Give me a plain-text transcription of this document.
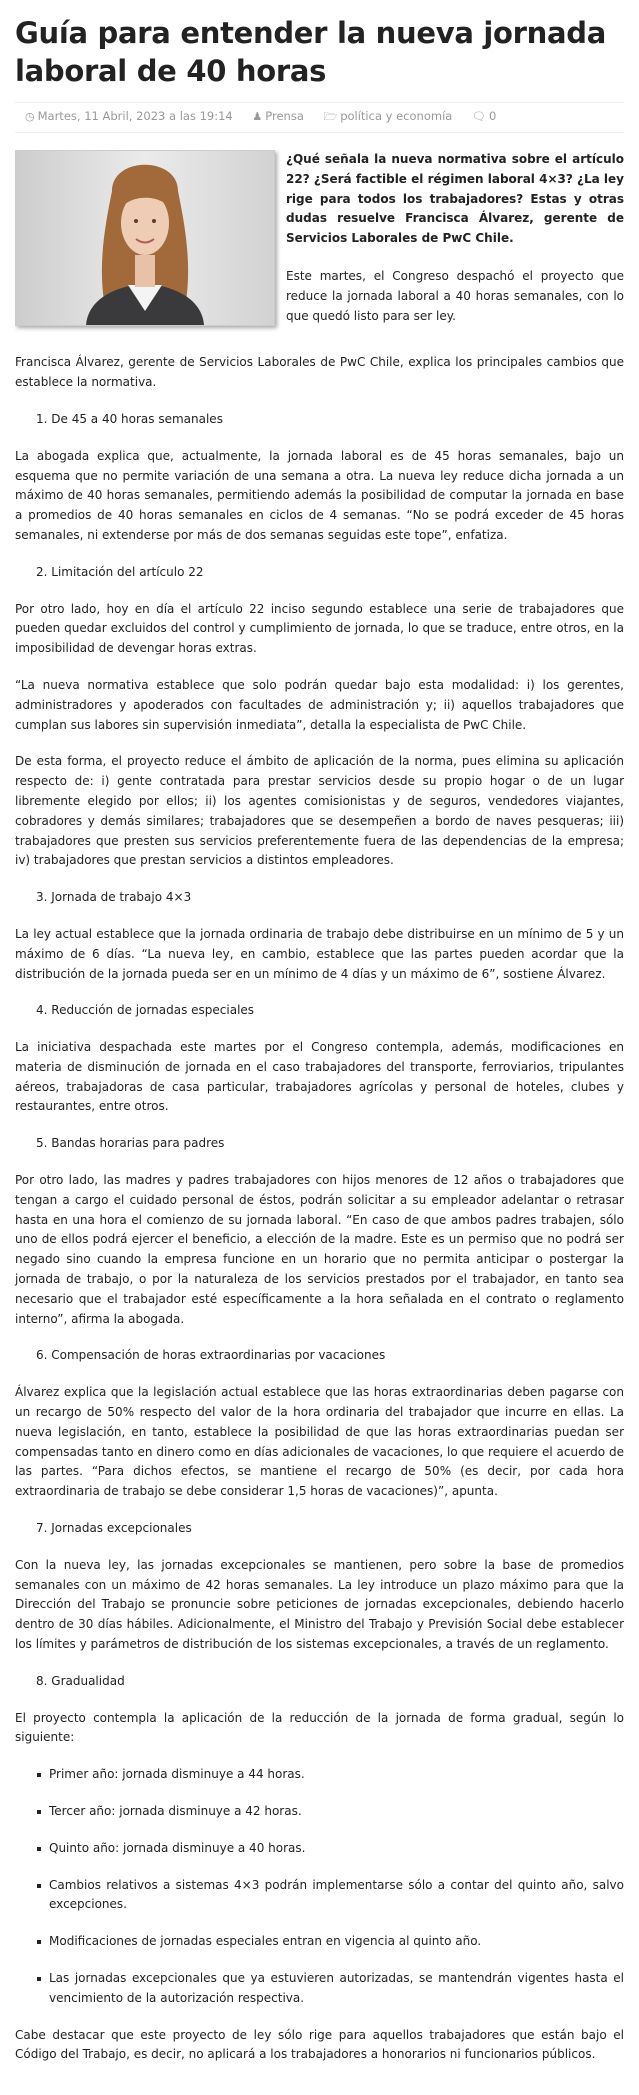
Guía para entender la nueva jornada laboral de 40 horas
◷ Martes, 11 Abril, 2023 a las 19:14 ♟ Prensa 🗁 política y economía 🗨 0

¿Qué señala la nueva normativa sobre el artículo 22? ¿Será factible el régimen laboral 4×3? ¿La ley rige para todos los trabajadores? Estas y otras dudas resuelve Francisca Álvarez, gerente de Servicios Laborales de PwC Chile.

Este martes, el Congreso despachó el proyecto que reduce la jornada laboral a 40 horas semanales, con lo que quedó listo para ser ley.

Francisca Álvarez, gerente de Servicios Laborales de PwC Chile, explica los principales cambios que establece la normativa.

1. De 45 a 40 horas semanales

La abogada explica que, actualmente, la jornada laboral es de 45 horas semanales, bajo un esquema que no permite variación de una semana a otra. La nueva ley reduce dicha jornada a un máximo de 40 horas semanales, permitiendo además la posibilidad de computar la jornada en base a promedios de 40 horas semanales en ciclos de 4 semanas. “No se podrá exceder de 45 horas semanales, ni extenderse por más de dos semanas seguidas este tope”, enfatiza.

2. Limitación del artículo 22

Por otro lado, hoy en día el artículo 22 inciso segundo establece una serie de trabajadores que pueden quedar excluidos del control y cumplimiento de jornada, lo que se traduce, entre otros, en la imposibilidad de devengar horas extras.

“La nueva normativa establece que solo podrán quedar bajo esta modalidad: i) los gerentes, administradores y apoderados con facultades de administración y; ii) aquellos trabajadores que cumplan sus labores sin supervisión inmediata”, detalla la especialista de PwC Chile.

De esta forma, el proyecto reduce el ámbito de aplicación de la norma, pues elimina su aplicación respecto de: i) gente contratada para prestar servicios desde su propio hogar o de un lugar libremente elegido por ellos; ii) los agentes comisionistas y de seguros, vendedores viajantes, cobradores y demás similares; trabajadores que se desempeñen a bordo de naves pesqueras; iii) trabajadores que presten sus servicios preferentemente fuera de las dependencias de la empresa; iv) trabajadores que prestan servicios a distintos empleadores.

3. Jornada de trabajo 4×3

La ley actual establece que la jornada ordinaria de trabajo debe distribuirse en un mínimo de 5 y un máximo de 6 días. “La nueva ley, en cambio, establece que las partes pueden acordar que la distribución de la jornada pueda ser en un mínimo de 4 días y un máximo de 6”, sostiene Álvarez.

4. Reducción de jornadas especiales

La iniciativa despachada este martes por el Congreso contempla, además, modificaciones en materia de disminución de jornada en el caso trabajadores del transporte, ferroviarios, tripulantes aéreos, trabajadoras de casa particular, trabajadores agrícolas y personal de hoteles, clubes y restaurantes, entre otros.

5. Bandas horarias para padres

Por otro lado, las madres y padres trabajadores con hijos menores de 12 años o trabajadores que tengan a cargo el cuidado personal de éstos, podrán solicitar a su empleador adelantar o retrasar hasta en una hora el comienzo de su jornada laboral. “En caso de que ambos padres trabajen, sólo uno de ellos podrá ejercer el beneficio, a elección de la madre. Este es un permiso que no podrá ser negado sino cuando la empresa funcione en un horario que no permita anticipar o postergar la jornada de trabajo, o por la naturaleza de los servicios prestados por el trabajador, en tanto sea necesario que el trabajador esté específicamente a la hora señalada en el contrato o reglamento interno”, afirma la abogada.

6. Compensación de horas extraordinarias por vacaciones

Álvarez explica que la legislación actual establece que las horas extraordinarias deben pagarse con un recargo de 50% respecto del valor de la hora ordinaria del trabajador que incurre en ellas. La nueva legislación, en tanto, establece la posibilidad de que las horas extraordinarias puedan ser compensadas tanto en dinero como en días adicionales de vacaciones, lo que requiere el acuerdo de las partes. “Para dichos efectos, se mantiene el recargo de 50% (es decir, por cada hora extraordinaria de trabajo se debe considerar 1,5 horas de vacaciones)”, apunta.

7. Jornadas excepcionales

Con la nueva ley, las jornadas excepcionales se mantienen, pero sobre la base de promedios semanales con un máximo de 42 horas semanales. La ley introduce un plazo máximo para que la Dirección del Trabajo se pronuncie sobre peticiones de jornadas excepcionales, debiendo hacerlo dentro de 30 días hábiles. Adicionalmente, el Ministro del Trabajo y Previsión Social debe establecer los límites y parámetros de distribución de los sistemas excepcionales, a través de un reglamento.

8. Gradualidad

El proyecto contempla la aplicación de la reducción de la jornada de forma gradual, según lo siguiente:

Primer año: jornada disminuye a 44 horas.
Tercer año: jornada disminuye a 42 horas.
Quinto año: jornada disminuye a 40 horas.
Cambios relativos a sistemas 4×3 podrán implementarse sólo a contar del quinto año, salvo excepciones.
Modificaciones de jornadas especiales entran en vigencia al quinto año.
Las jornadas excepcionales que ya estuvieren autorizadas, se mantendrán vigentes hasta el vencimiento de la autorización respectiva.

Cabe destacar que este proyecto de ley sólo rige para aquellos trabajadores que están bajo el Código del Trabajo, es decir, no aplicará a los trabajadores a honorarios ni funcionarios públicos.
